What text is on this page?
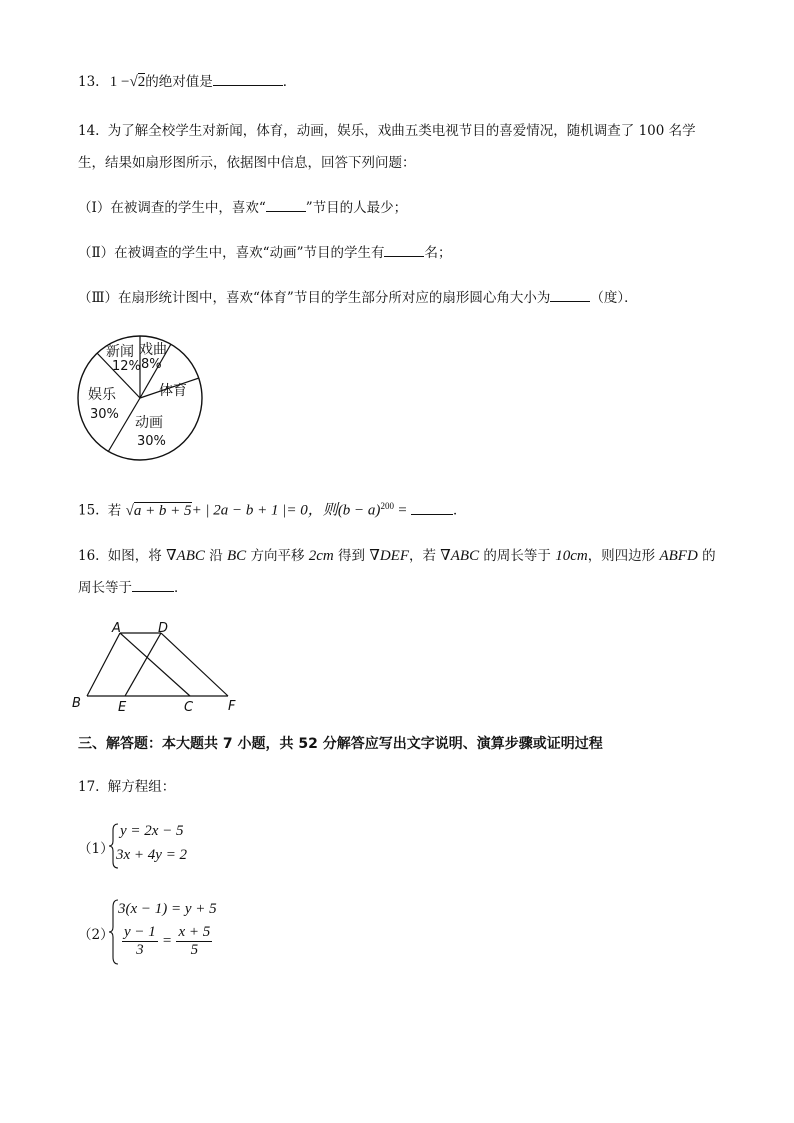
13. 1 −√2的绝对值是	．
14. 为了解全校学生对新闻，体育，动画，娱乐，戏曲五类电视节目的喜爱情况，随机调查了 100 名学
生，结果如扇形图所示，依据图中信息，回答下列问题：
（I）在被调查的学生中，喜欢“	”节目的人最少；
（Ⅱ）在被调查的学生中，喜欢“动画”节目的学生有	名；
（Ⅲ）在扇形统计图中，喜欢“体育”节目的学生部分所对应的扇形圆心角大小为	（度）．
新闻
12%
戏曲
8%
体育
动画
30%
娱乐
30%
15. 若 √a + b + 5+ | 2a − b + 1 |= 0，则$(b - a)^{200}$ =	．
16. 如图，将 ∇ABC 沿 BC 方向平移 2cm 得到 ∇DEF，若 ∇ABC 的周长等于 10cm，则四边形 ABFD 的
周长等于	．
A	D
B	E	C	F
三、解答题：本大题共 7 小题，共 52 分解答应写出文字说明、演算步骤或证明过程
17. 解方程组：
（1）
y = 2x − 5
3x + 4y = 2
（2）
3(x − 1) = y + 5
$\frac{y - 1}{3} = \frac{x + 5}{5}$
